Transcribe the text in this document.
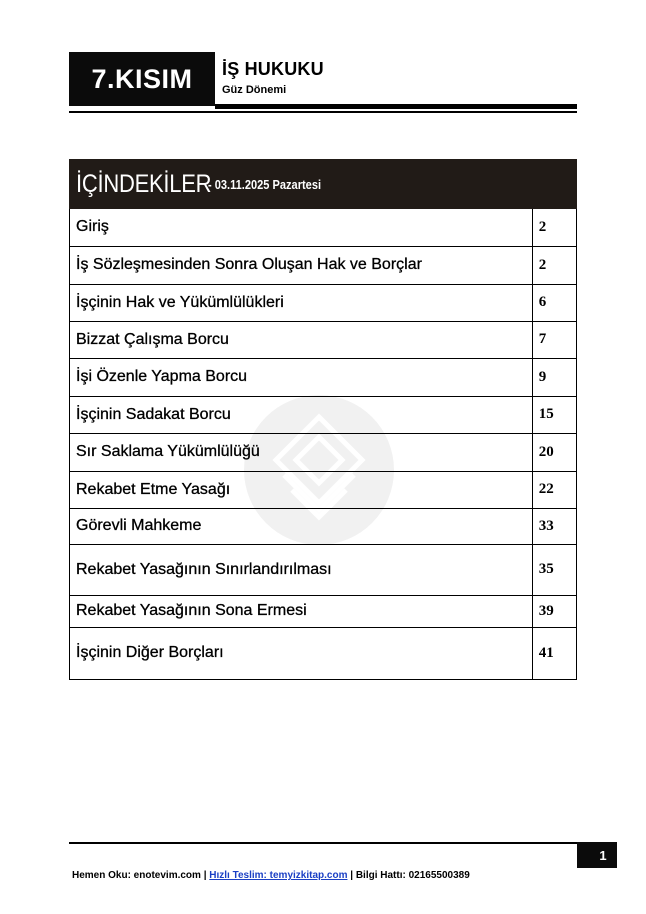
7.KISIM İŞ HUKUKU
Güz Dönemi
İÇİNDEKİLER
- 03.11.2025 Pazartesi
Giriş	2
İş Sözleşmesinden Sonra Oluşan Hak ve Borçlar	2
İşçinin Hak ve Yükümlülükleri	6
Bizzat Çalışma Borcu	7
İşi Özenle Yapma Borcu	9
İşçinin Sadakat Borcu	15
Sır Saklama Yükümlülüğü	20
Rekabet Etme Yasağı	22
Görevli Mahkeme	33
Rekabet Yasağının Sınırlandırılması	35
Rekabet Yasağının Sona Ermesi	39
İşçinin Diğer Borçları	41
1
Hemen Oku: enotevim.com | Hızlı Teslim: temyizkitap.com | Bilgi Hattı: 02165500389
